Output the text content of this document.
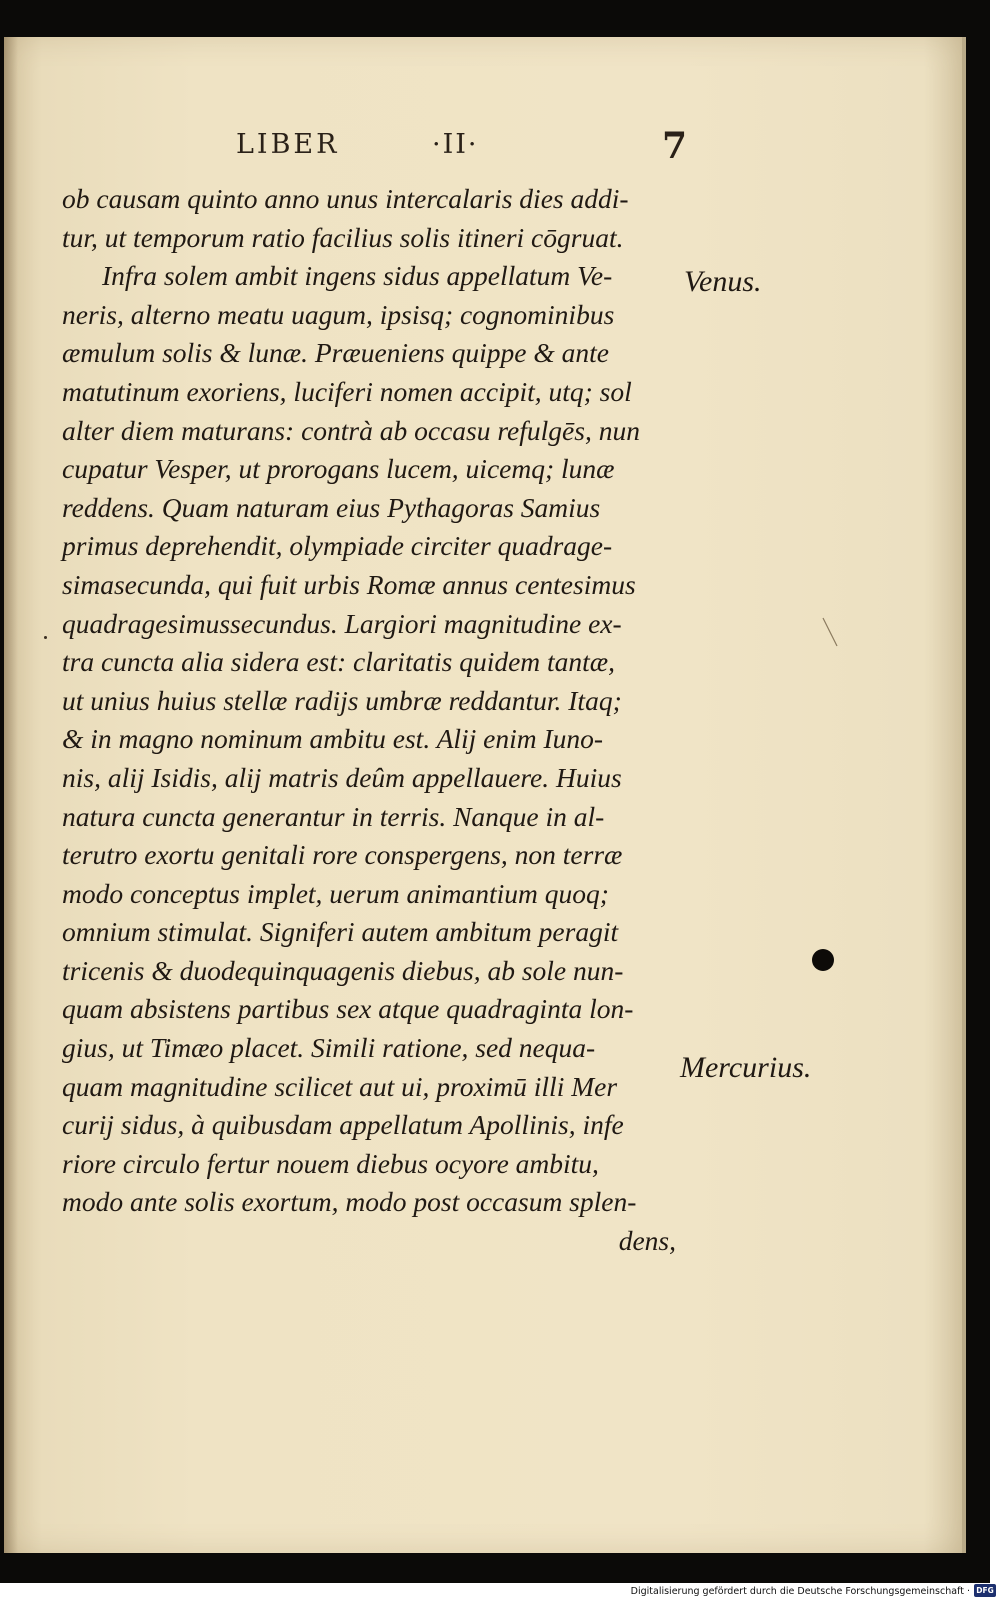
LIBER	·II·	7
ob causam quinto anno unus intercalaris dies addi-
tur, ut temporum ratio facilius solis itineri cōgruat.
Infra solem ambit ingens sidus appellatum Ve-
neris, alterno meatu uagum, ipsisq; cognominibus
æmulum solis & lunæ. Præueniens quippe & ante
matutinum exoriens, luciferi nomen accipit, utq; sol
alter diem maturans: contrà ab occasu refulgēs, nun
cupatur Vesper, ut prorogans lucem, uicemq; lunæ
reddens. Quam naturam eius Pythagoras Samius
primus deprehendit, olympiade circiter quadrage-
simasecunda, qui fuit urbis Romæ annus centesimus
quadragesimussecundus. Largiori magnitudine ex-
tra cuncta alia sidera est: claritatis quidem tantæ,
ut unius huius stellæ radijs umbræ reddantur. Itaq;
& in magno nominum ambitu est. Alij enim Iuno-
nis, alij Isidis, alij matris deûm appellauere. Huius
natura cuncta generantur in terris. Nanque in al-
terutro exortu genitali rore conspergens, non terræ
modo conceptus implet, uerum animantium quoq;
omnium stimulat. Signiferi autem ambitum peragit
tricenis & duodequinquagenis diebus, ab sole nun-
quam absistens partibus sex atque quadraginta lon-
gius, ut Timæo placet. Simili ratione, sed nequa-
quam magnitudine scilicet aut ui, proximū illi Mer
curij sidus, à quibusdam appellatum Apollinis, infe
riore circulo fertur nouem diebus ocyore ambitu,
modo ante solis exortum, modo post occasum splen-
dens,
Venus.
Mercurius.
Digitalisierung gefördert durch die Deutsche Forschungsgemeinschaft · DFG
